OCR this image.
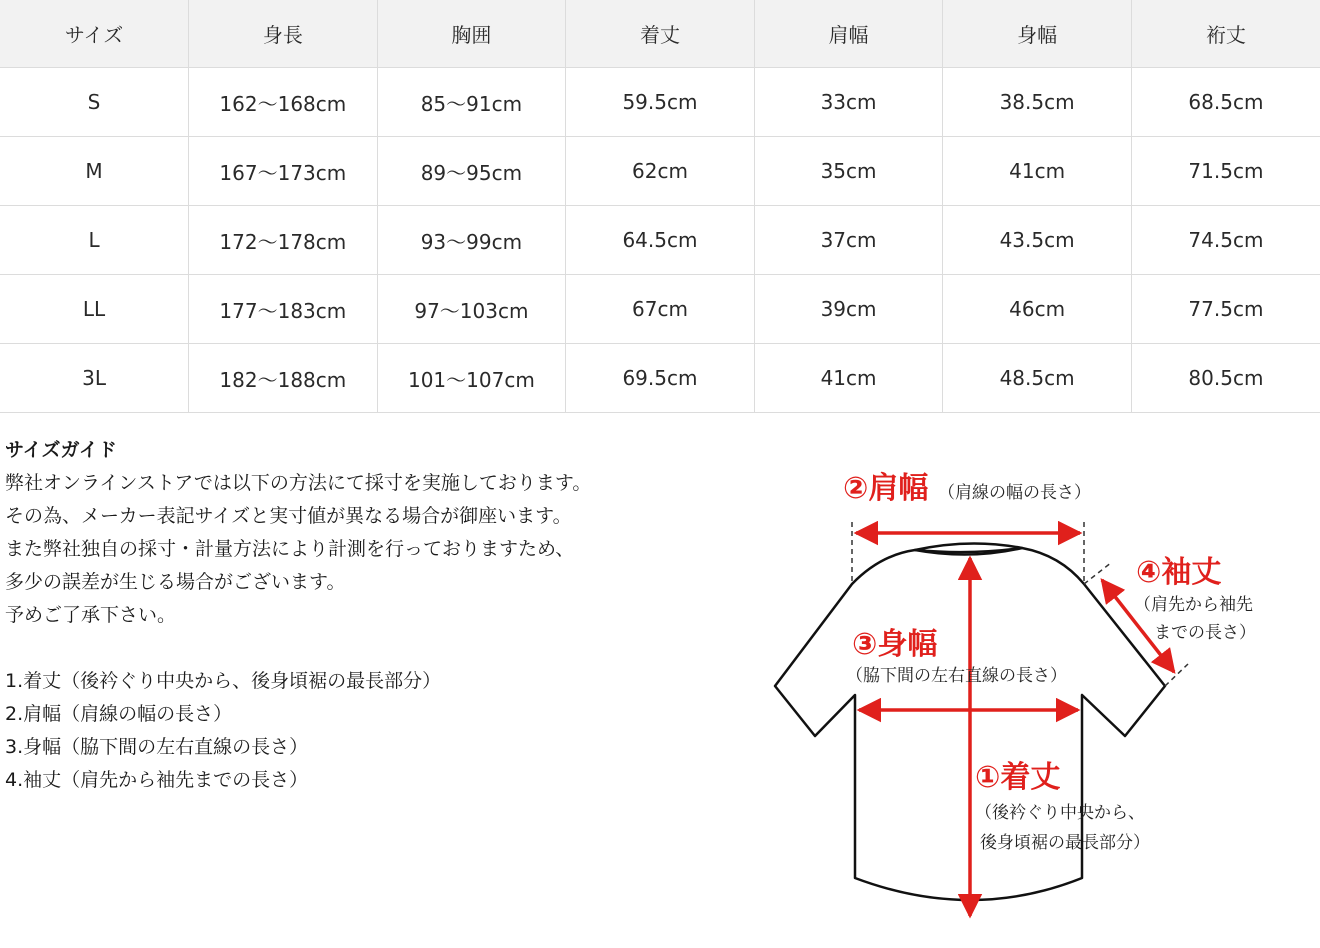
サイズ	身長	胸囲	着丈	肩幅	身幅	裄丈
S	162〜168cm	85〜91cm	59.5cm	33cm	38.5cm	68.5cm
M	167〜173cm	89〜95cm	62cm	35cm	41cm	71.5cm
L	172〜178cm	93〜99cm	64.5cm	37cm	43.5cm	74.5cm
LL	177〜183cm	97〜103cm	67cm	39cm	46cm	77.5cm
3L	182〜188cm	101〜107cm	69.5cm	41cm	48.5cm	80.5cm
サイズガイド
弊社オンラインストアでは以下の方法にて採寸を実施しております。
その為、メーカー表記サイズと実寸値が異なる場合が御座います。
また弊社独自の採寸・計量方法により計測を行っておりますため、
多少の誤差が生じる場合がございます。
予めご了承下さい。
1.着丈（後衿ぐり中央から、後身頃裾の最長部分）
2.肩幅（肩線の幅の長さ）
3.身幅（脇下間の左右直線の長さ）
4.袖丈（肩先から袖先までの長さ）
②肩幅 （肩線の幅の長さ）
④袖丈
（肩先から袖先
までの長さ）
③身幅
（脇下間の左右直線の長さ）
①着丈
（後衿ぐり中央から、
後身頃裾の最長部分）
